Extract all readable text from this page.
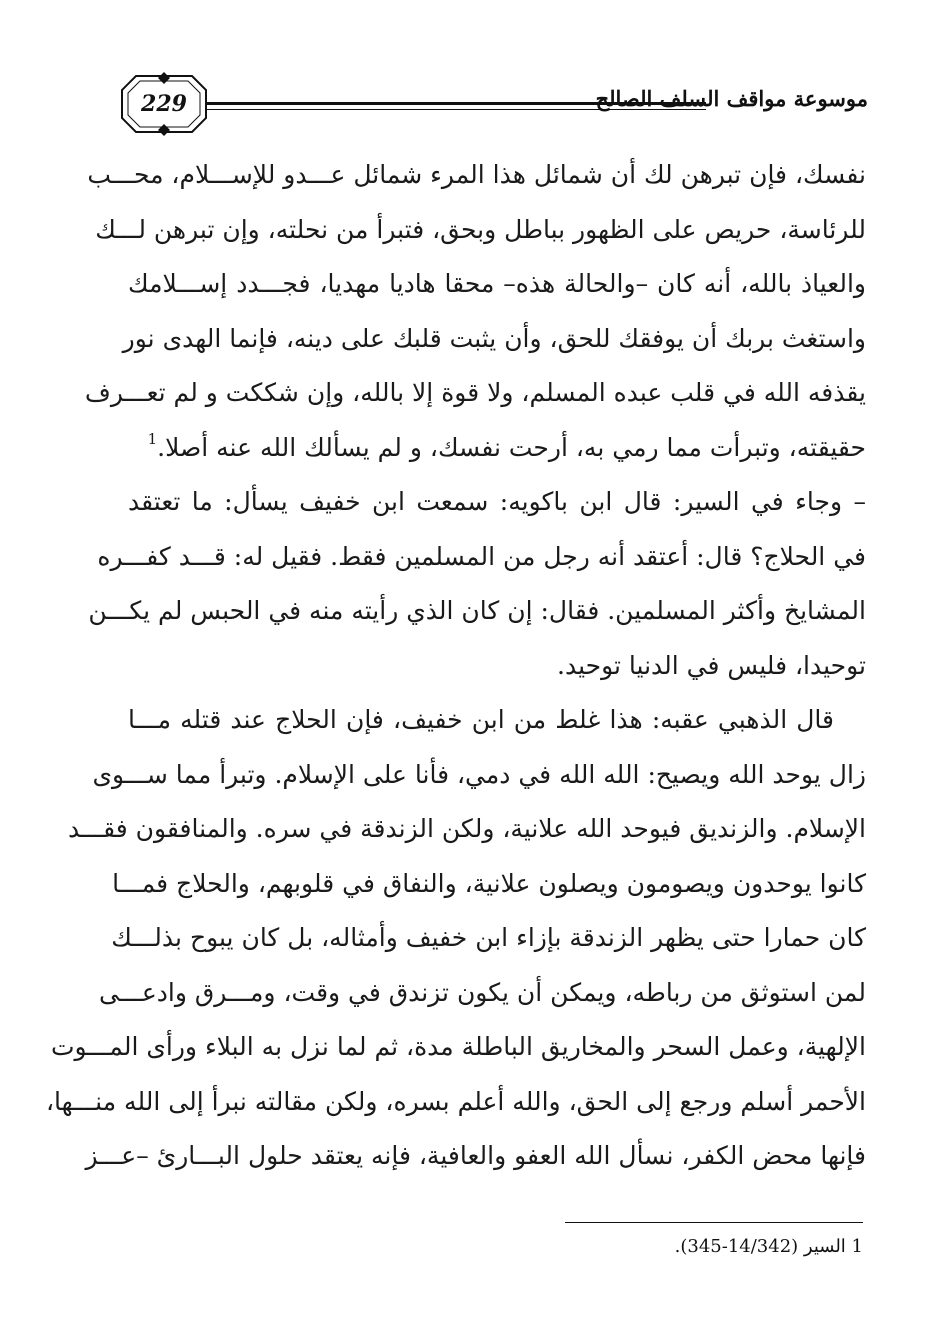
229	موسوعة مواقف السلف الصالح
نفسك، فإن تبرهن لك أن شمائل هذا المرء شمائل عـــدو للإســـلام، محـــب
للرئاسة، حريص على الظهور بباطل وبحق، فتبرأ من نحلته، وإن تبرهن لـــك
والعياذ بالله، أنه كان –والحالة هذه– محقا هاديا مهديا، فجـــدد إســـلامك
واستغث بربك أن يوفقك للحق، وأن يثبت قلبك على دينه، فإنما الهدى نور
يقذفه الله في قلب عبده المسلم، ولا قوة إلا بالله، وإن شككت و لم تعـــرف
حقيقته، وتبرأت مما رمي به، أرحت نفسك، و لم يسألك الله عنه أصلا.$^1$
– وجاء في السير: قال ابن باكويه: سمعت ابن خفيف يسأل: ما تعتقد
في الحلاج؟ قال: أعتقد أنه رجل من المسلمين فقط. فقيل له: قـــد كفـــره
المشايخ وأكثر المسلمين. فقال: إن كان الذي رأيته منه في الحبس لم يكـــن
توحيدا، فليس في الدنيا توحيد.
قال الذهبي عقبه: هذا غلط من ابن خفيف، فإن الحلاج عند قتله مـــا
زال يوحد الله ويصيح: الله الله في دمي، فأنا على الإسلام. وتبرأ مما ســـوى
الإسلام. والزنديق فيوحد الله علانية، ولكن الزندقة في سره. والمنافقون فقـــد
كانوا يوحدون ويصومون ويصلون علانية، والنفاق في قلوبهم، والحلاج فمـــا
كان حمارا حتى يظهر الزندقة بإزاء ابن خفيف وأمثاله، بل كان يبوح بذلـــك
لمن استوثق من رباطه، ويمكن أن يكون تزندق في وقت، ومـــرق وادعـــى
الإلهية، وعمل السحر والمخاريق الباطلة مدة، ثم لما نزل به البلاء ورأى المـــوت
الأحمر أسلم ورجع إلى الحق، والله أعلم بسره، ولكن مقالته نبرأ إلى الله منـــها،
فإنها محض الكفر، نسأل الله العفو والعافية، فإنه يعتقد حلول البـــارئ –عـــز
1 السير (14/342-345).
